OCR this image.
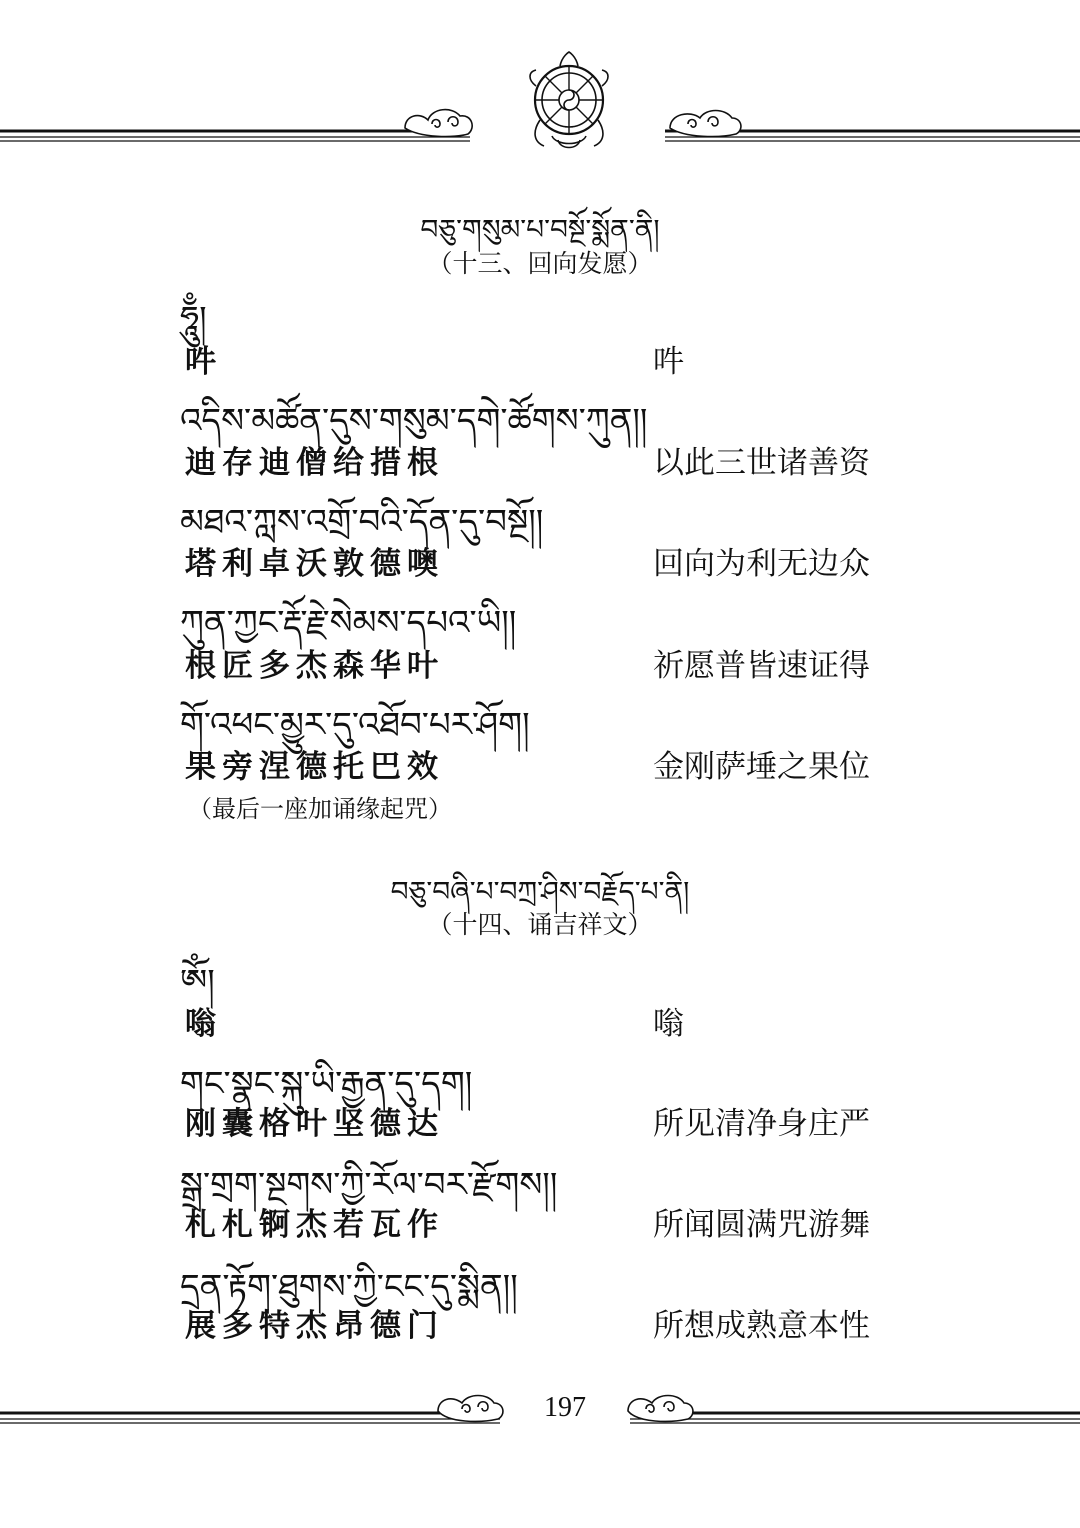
བཅུ་གསུམ་པ་བསྔོ་སྨོན་ནི།
（十三、回向发愿）
ཧཱུྃ།
吽	吽
འདིས་མཚོན་དུས་གསུམ་དགེ་ཚོགས་ཀུན།།
迪存迪僧给措根	以此三世诸善资
མཐའ་ཀླས་འགྲོ་བའི་དོན་དུ་བསྔོ།།
塔利卓沃敦德噢	回向为利无边众
ཀུན་ཀྱང་རྡོ་རྗེ་སེམས་དཔའ་ཡི།།
根匠多杰森华叶	祈愿普皆速证得
གོ་འཕང་མྱུར་དུ་འཐོབ་པར་ཤོག།
果旁涅德托巴效	金刚萨埵之果位
（最后一座加诵缘起咒）
བཅུ་བཞི་པ་བཀྲ་ཤིས་བརྗོད་པ་ནི།
（十四、诵吉祥文）
ཨོཾ།
嗡	嗡
གང་སྣང་སྐུ་ཡི་རྒྱན་དུ་དག།
刚囊格叶坚德达	所见清净身庄严
སྒྲ་གྲག་སྔགས་ཀྱི་རོལ་བར་རྫོགས།།
札札锕杰若瓦作	所闻圆满咒游舞
དྲན་རྟོག་ཐུགས་ཀྱི་ངང་དུ་སྨིན།།
展多特杰昂德门	所想成熟意本性
197
